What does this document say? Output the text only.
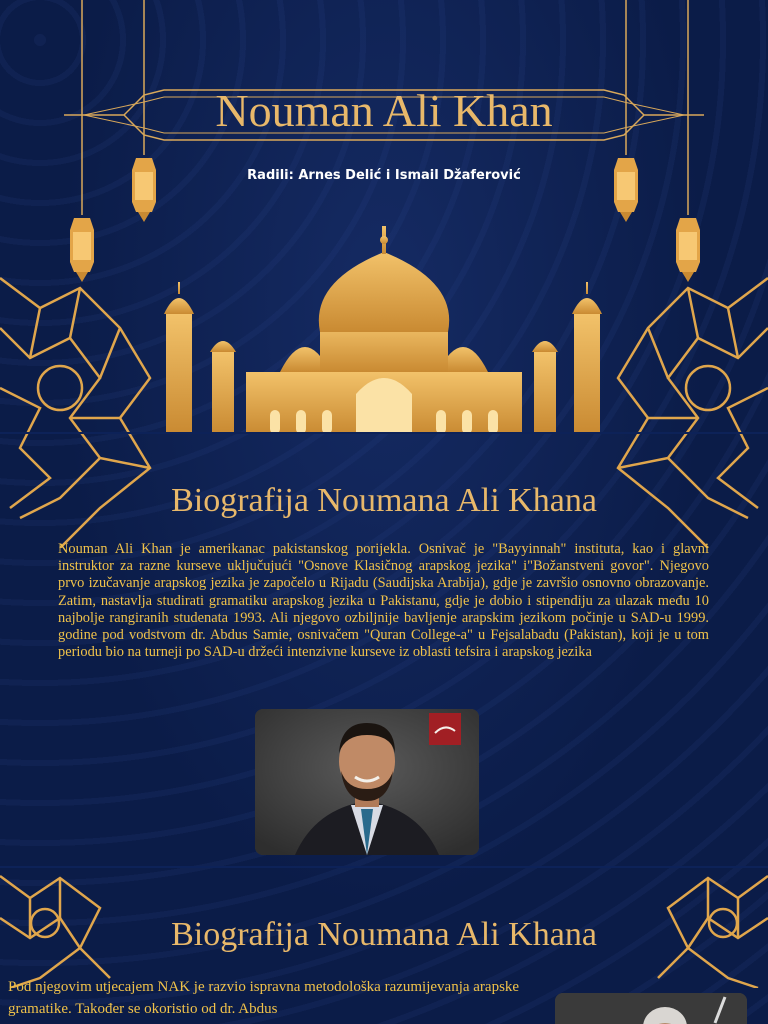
Nouman Ali Khan
Radili: Arnes Delić i Ismail Džaferović
Biografija Noumana Ali Khana
Nouman Ali Khan je amerikanac pakistanskog porijekla. Osnivač je "Bayyinnah" instituta, kao i glavni instruktor za razne kurseve uključujući "Osnove Klasičnog arapskog jezika" i"Božanstveni govor". Njegovo prvo izučavanje arapskog jezika je započelo u Rijadu (Saudijska Arabija), gdje je završio osnovno obrazovanje. Zatim, nastavlja studirati gramatiku arapskog jezika u Pakistanu, gdje je dobio i stipendiju za ulazak među 10 najbolje rangiranih studenata 1993. Ali njegovo ozbiljnije bavljenje arapskim jezikom počinje u SAD-u 1999. godine pod vodstvom dr. Abdus Samie, osnivačem "Quran College-a" u Fejsalabadu (Pakistan), koji je u tom periodu bio na turneji po SAD-u držeći intenzivne kurseve iz oblasti tefsira i arapskog jezika
Biografija Noumana Ali Khana
Pod njegovim utjecajem NAK je razvio ispravna metodološka razumijevanja arapske gramatike. Također se okoristio od dr. Abdus
